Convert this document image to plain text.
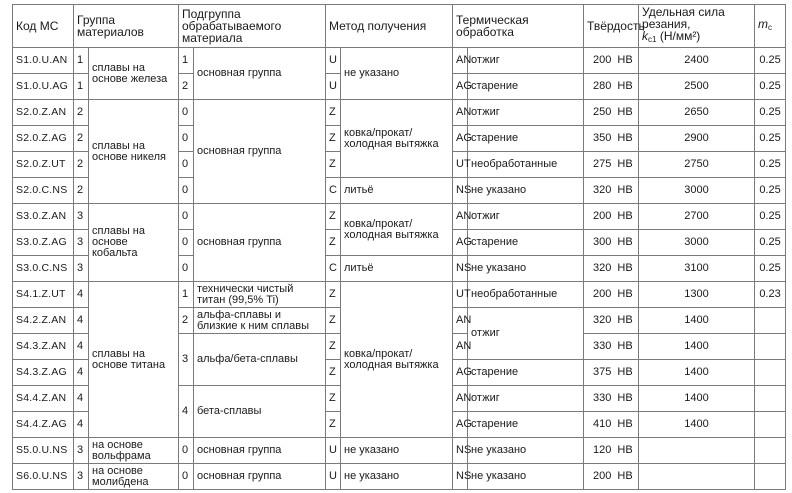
Код МС	Группа
материалов		Подгруппа
обрабатываемого
материала		Метод получения		Термическая
обработка		Твёрдость	Удельная сила
резания,
$k_{c1}$ (Н/мм²)	$m_c$
S1.0.U.AN	1	сплавы на основе железа	1	основная группа	U	не указано	AN	отжиг	200 HB	2400	0.25
S1.0.U.AG	1		2		U		AG	старение	280 HB	2500	0.25
S2.0.Z.AN	2	сплавы на основе никеля	0	основная группа	Z	ковка/прокат/ холодная вытяжка	AN	отжиг	250 HB	2650	0.25
S2.0.Z.AG	2		0		Z		AG	старение	350 HB	2900	0.25
S2.0.Z.UT	2		0		Z		UT	необработанные	275 HB	2750	0.25
S2.0.C.NS	2		0		C	литьё	NS	не указано	320 HB	3000	0.25
S3.0.Z.AN	3	сплавы на основе кобальта	0	основная группа	Z	ковка/прокат/ холодная вытяжка	AN	отжиг	200 HB	2700	0.25
S3.0.Z.AG	3		0		Z		AG	старение	300 HB	3000	0.25
S3.0.C.NS	3		0		C	литьё	NS	не указано	320 HB	3100	0.25
S4.1.Z.UT	4	сплавы на основе титана	1	технически чистый титан (99,5% Ti)	Z	ковка/прокат/ холодная вытяжка	UT	необработанные	200 HB	1300	0.23
S4.2.Z.AN	4		2	альфа-сплавы и близкие к ним сплавы	Z		AN	отжиг	320 HB	1400	
S4.3.Z.AN	4		3	альфа/бета-сплавы	Z		AN		330 HB	1400	
S4.3.Z.AG	4				Z		AG	старение	375 HB	1400	
S4.4.Z.AN	4		4	бета-сплавы	Z		AN	отжиг	330 HB	1400	
S4.4.Z.AG	4				Z		AG	старение	410 HB	1400	
S5.0.U.NS	3	на основе вольфрама	0	основная группа	U	не указано	NS	не указано	120 HB		
S6.0.U.NS	3	на основе молибдена	0	основная группа	U	не указано	NS	не указано	200 HB		
